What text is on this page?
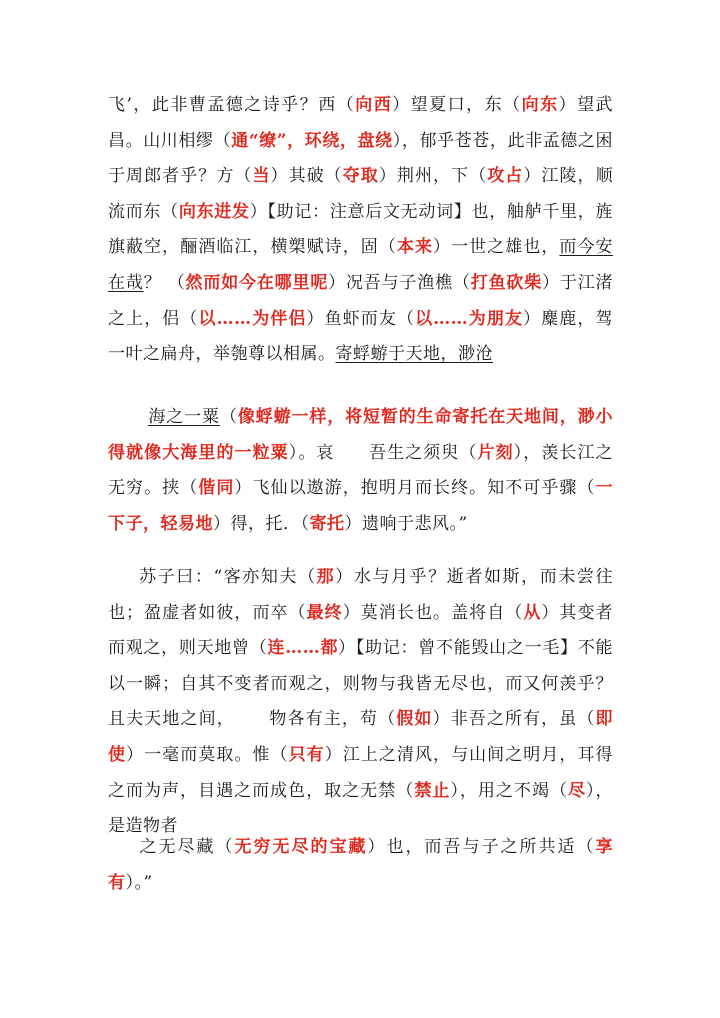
飞’，此非曹孟德之诗乎？西（向西）望夏口，东（向东）望武昌。山川相缪（通“缭”，环绕，盘绕），郁乎苍苍，此非孟德之困于周郎者乎？方（当）其破（夺取）荆州，下（攻占）江陵，顺流而东（向东进发）【助记：注意后文无动词】也，舳舻千里，旌旗蔽空，酾酒临江，横槊赋诗，固（本来）一世之雄也，而今安在哉？ （然而如今在哪里呢）况吾与子渔樵（打鱼砍柴）于江渚之上，侣（以……为伴侣）鱼虾而友（以……为朋友）麋鹿，驾一叶之扁舟，举匏尊以相属。寄蜉蝣于天地，渺沧
海之一粟（像蜉蝣一样，将短暂的生命寄托在天地间，渺小得就像大海里的一粒粟）。哀 吾生之须臾（片刻），羡长江之无穷。挟（偕同）飞仙以遨游，抱明月而长终。知不可乎骤（一下子，轻易地）得，托．（寄托）遗响于悲风。”
苏子曰：“客亦知夫（那）水与月乎？逝者如斯，而未尝往也；盈虚者如彼，而卒（最终）莫消长也。盖将自（从）其变者而观之，则天地曾（连……都）【助记：曾不能毁山之一毛】不能以一瞬；自其不变者而观之，则物与我皆无尽也，而又何羡乎？且夫天地之间， 物各有主，苟（假如）非吾之所有，虽（即使）一毫而莫取。惟（只有）江上之清风，与山间之明月，耳得之而为声，目遇之而成色，取之无禁（禁止），用之不竭（尽），是造物者
之无尽藏（无穷无尽的宝藏）也，而吾与子之所共适（享有）。”
